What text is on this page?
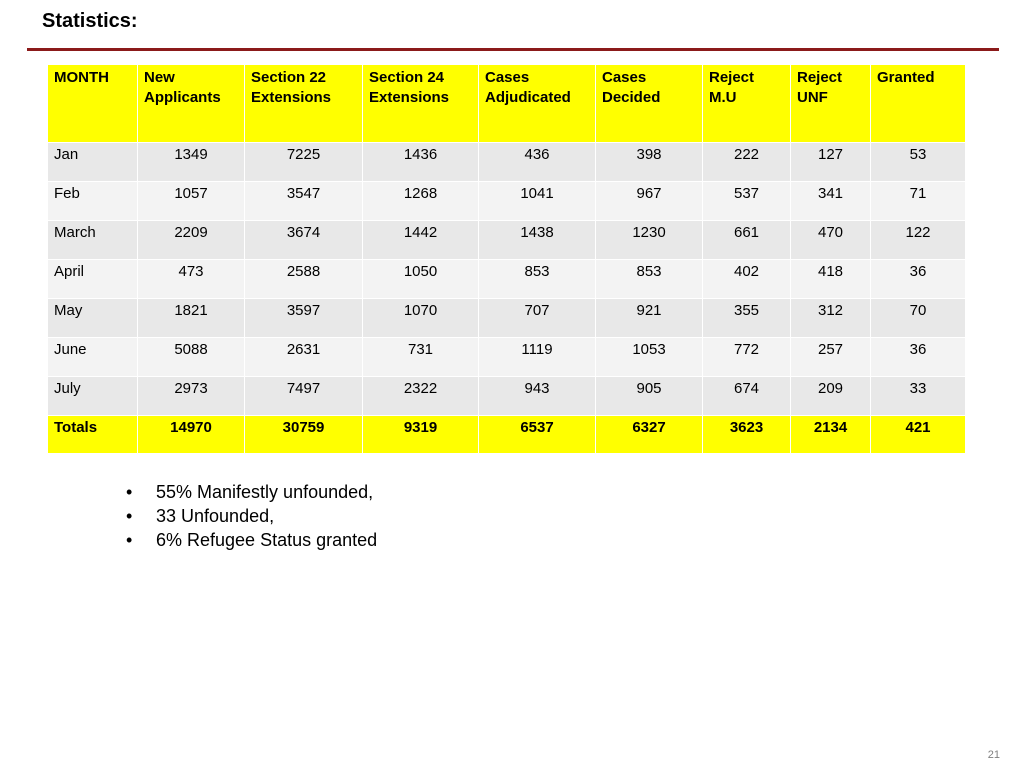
Statistics:
MONTH	New Applicants	Section 22 Extensions	Section 24 Extensions	Cases Adjudicated	Cases Decided	Reject M.U	Reject UNF	Granted
Jan	1349	7225	1436	436	398	222	127	53
Feb	1057	3547	1268	1041	967	537	341	71
March	2209	3674	1442	1438	1230	661	470	122
April	473	2588	1050	853	853	402	418	36
May	1821	3597	1070	707	921	355	312	70
June	5088	2631	731	1119	1053	772	257	36
July	2973	7497	2322	943	905	674	209	33
Totals	14970	30759	9319	6537	6327	3623	2134	421
• 55% Manifestly unfounded,
• 33 Unfounded,
• 6% Refugee Status granted
21
